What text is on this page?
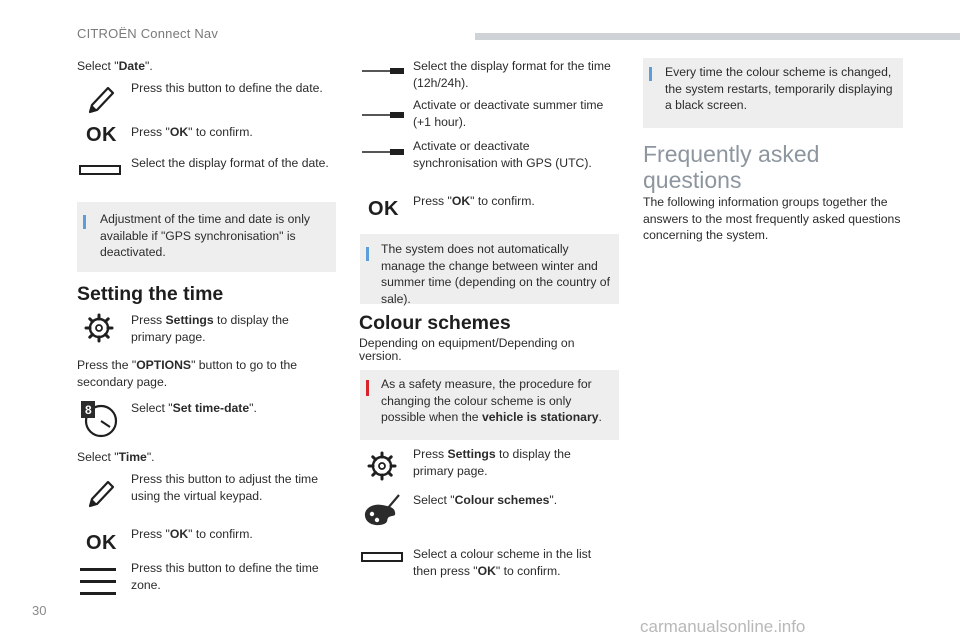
CITROËN Connect Nav
Select "Date".
Press this button to define the date.
OK Press "OK" to confirm.
Select the display format of the date.
Adjustment of the time and date is only available if "GPS synchronisation" is deactivated.
Setting the time
Press Settings to display the primary page.
Press the "OPTIONS" button to go to the secondary page.
8	Select "Set time-date".
Select "Time".
Press this button to adjust the time using the virtual keypad.
OK Press "OK" to confirm.
Press this button to define the time zone.
Select the display format for the time (12h/24h).
Activate or deactivate summer time (+1 hour).
Activate or deactivate synchronisation with GPS (UTC).
OK Press "OK" to confirm.
The system does not automatically manage the change between winter and summer time (depending on the country of sale).
Colour schemes
Depending on equipment/Depending on version.
As a safety measure, the procedure for changing the colour scheme is only possible when the vehicle is stationary.
Press Settings to display the primary page.
Select "Colour schemes".
Select a colour scheme in the list then press "OK" to confirm.
Every time the colour scheme is changed, the system restarts, temporarily displaying a black screen.
Frequently asked questions
The following information groups together the answers to the most frequently asked questions concerning the system.
30
carmanualsonline.info
